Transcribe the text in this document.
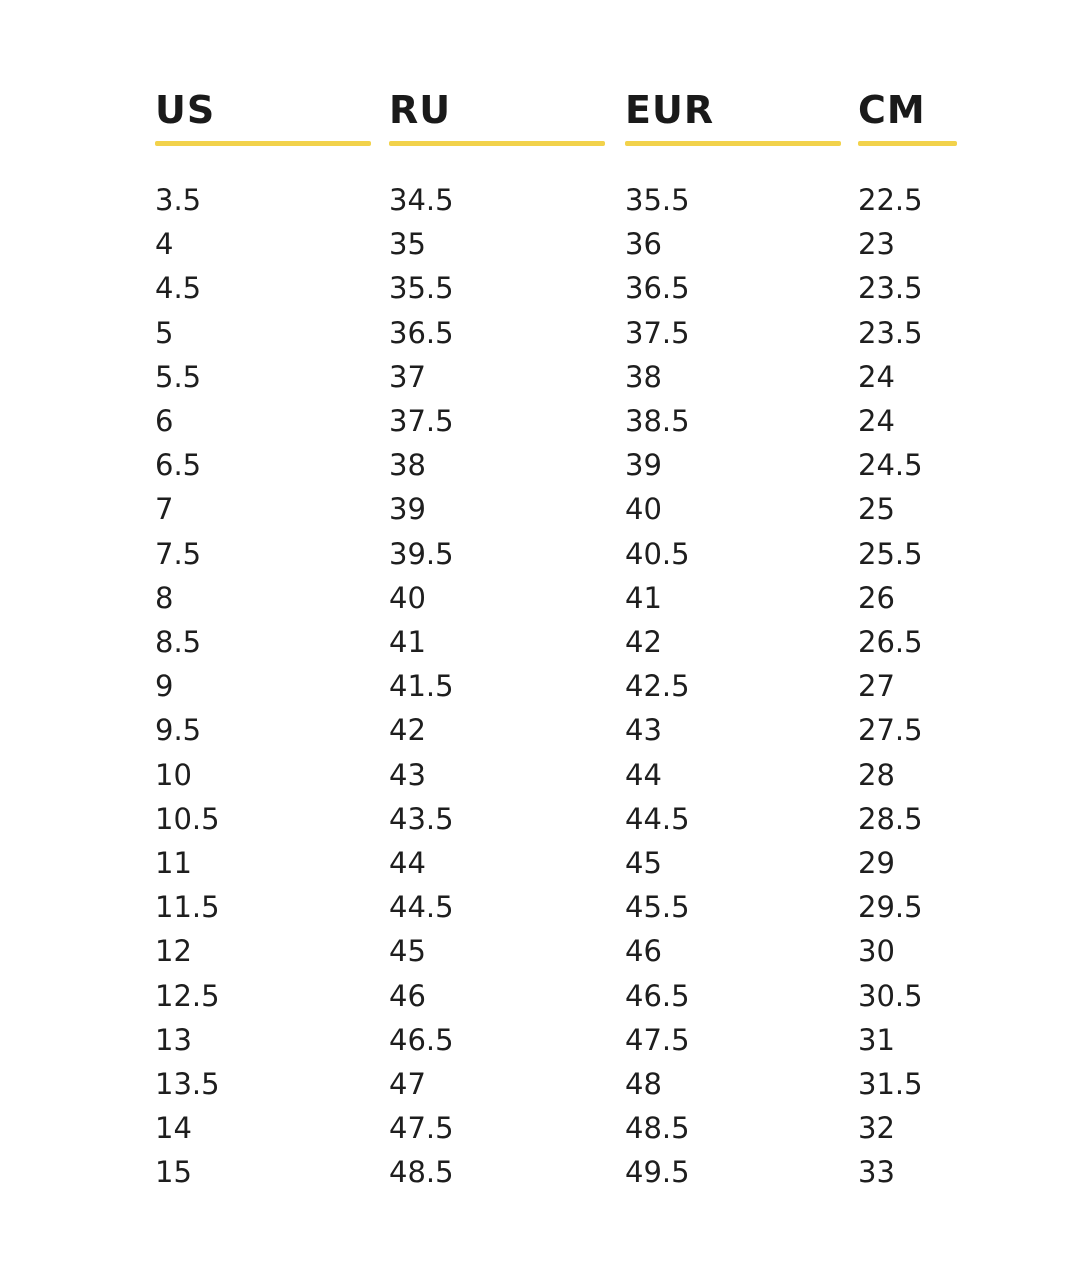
US
3.5
4
4.5
5
5.5
6
6.5
7
7.5
8
8.5
9
9.5
10
10.5
11
11.5
12
12.5
13
13.5
14
15
RU
34.5
35
35.5
36.5
37
37.5
38
39
39.5
40
41
41.5
42
43
43.5
44
44.5
45
46
46.5
47
47.5
48.5
EUR
35.5
36
36.5
37.5
38
38.5
39
40
40.5
41
42
42.5
43
44
44.5
45
45.5
46
46.5
47.5
48
48.5
49.5
CM
22.5
23
23.5
23.5
24
24
24.5
25
25.5
26
26.5
27
27.5
28
28.5
29
29.5
30
30.5
31
31.5
32
33
